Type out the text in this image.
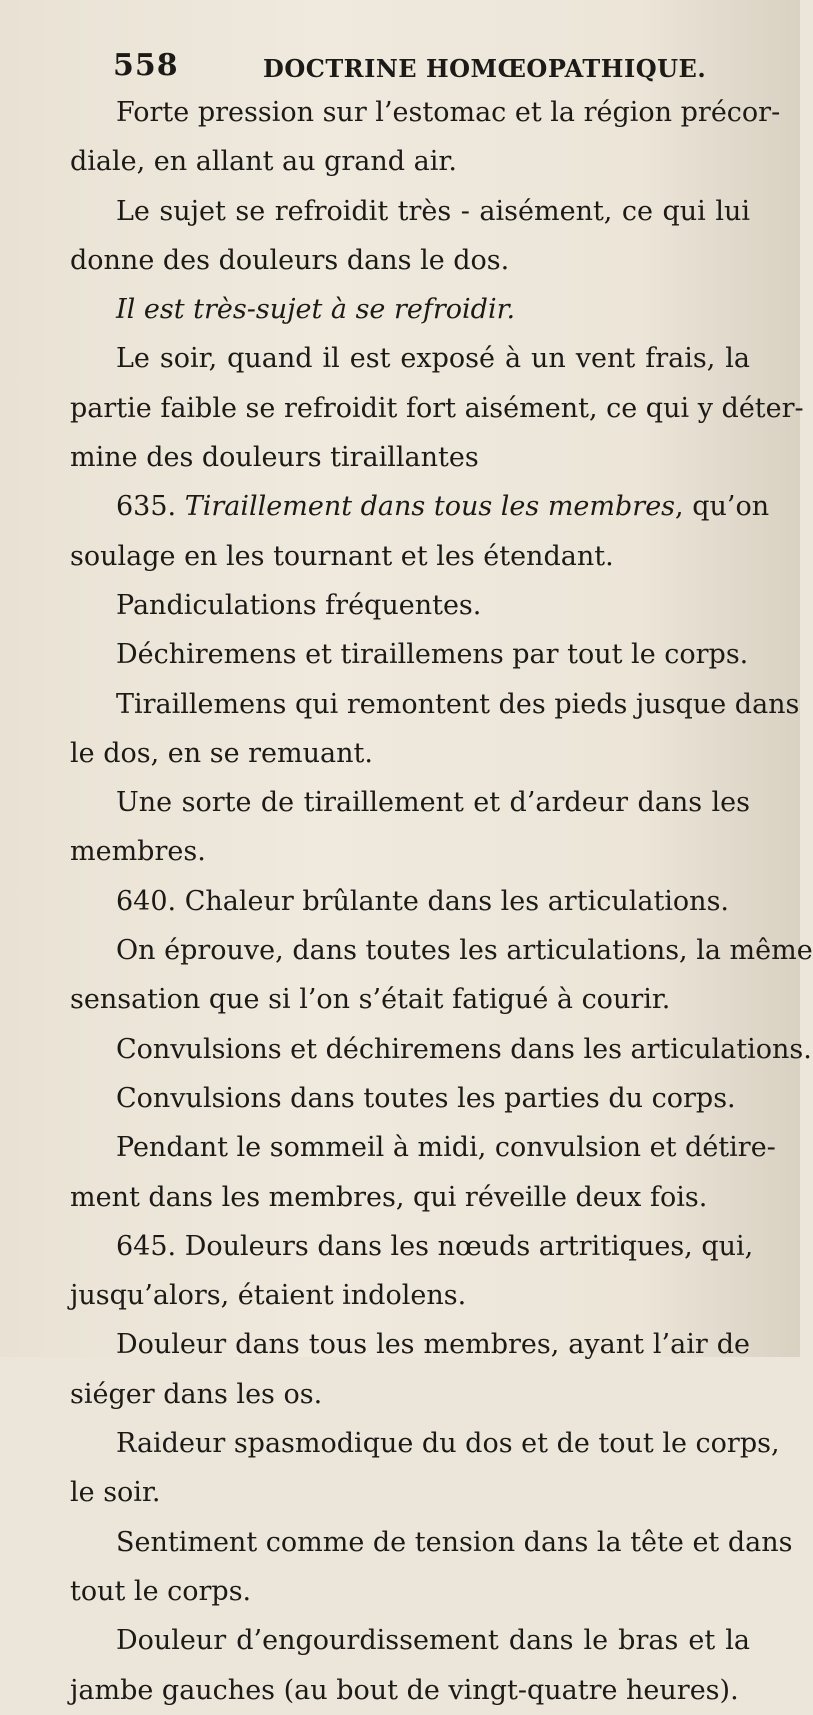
558	DOCTRINE HOMŒOPATHIQUE.
Forte pression sur l’estomac et la région précor-
diale, en allant au grand air.
Le sujet se refroidit très - aisément, ce qui lui
donne des douleurs dans le dos.
Il est très-sujet à se refroidir.
Le soir, quand il est exposé à un vent frais, la
partie faible se refroidit fort aisément, ce qui y déter-
mine des douleurs tiraillantes
635. Tiraillement dans tous les membres, qu’on
soulage en les tournant et les étendant.
Pandiculations fréquentes.
Déchiremens et tiraillemens par tout le corps.
Tiraillemens qui remontent des pieds jusque dans
le dos, en se remuant.
Une sorte de tiraillement et d’ardeur dans les
membres.
640. Chaleur brûlante dans les articulations.
On éprouve, dans toutes les articulations, la même
sensation que si l’on s’était fatigué à courir.
Convulsions et déchiremens dans les articulations.
Convulsions dans toutes les parties du corps.
Pendant le sommeil à midi, convulsion et détire-
ment dans les membres, qui réveille deux fois.
645. Douleurs dans les nœuds artritiques, qui,
jusqu’alors, étaient indolens.
Douleur dans tous les membres, ayant l’air de
siéger dans les os.
Raideur spasmodique du dos et de tout le corps,
le soir.
Sentiment comme de tension dans la tête et dans
tout le corps.
Douleur d’engourdissement dans le bras et la
jambe gauches (au bout de vingt-quatre heures).
